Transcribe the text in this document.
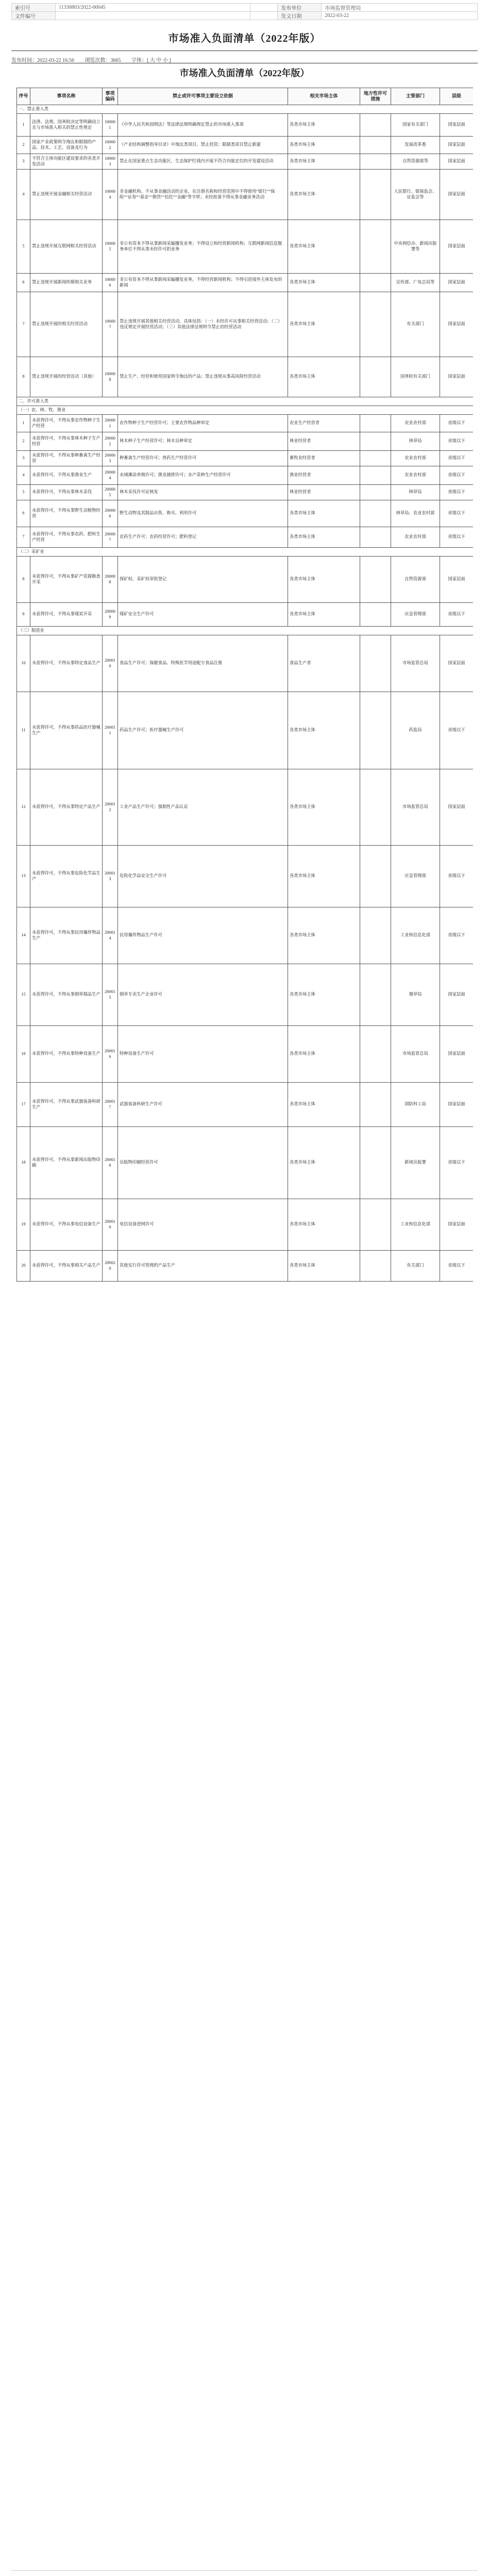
索引号	11330803/2022-00045		发布单位	市场监督管理局
文件编号			发文日期	2022-03-22
市场准入负面清单（2022年版）
发布时间：2022-03-22 16:56 浏览次数：3665 字体：[ 大 中 小 ]
市场准入负面清单（2022年版）
序号	事项名称	事项编码	禁止或许可事项主要设立依据	相关市场主体	地方性许可措施	主管部门	层级
一、禁止准入类							
1	法律、法规、国务院决定等明确设立且与市场准入相关的禁止性规定	100001	《中华人民共和国刑法》等法律法规明确规定禁止的市场准入事项	各类市场主体		国家有关部门	国家层面
2	国家产业政策明令淘汰和限制的产品、技术、工艺、设备及行为	100002	《产业结构调整指导目录》中淘汰类项目，禁止投资；限制类项目禁止新建	各类市场主体		发展改革委	国家层面
3	不符合主体功能区建设要求的各类开发活动	100003	禁止在国家重点生态功能区、生态保护红线内开展不符合功能定位的开发建设活动	各类市场主体		自然资源部等	国家层面
4	禁止违规开展金融相关经营活动	100004	非金融机构、不从事金融活动的企业，在注册名称和经营范围中不得使用“银行”“保险”“证券”“基金”“期货”“信托”“金融”等字样；未经批准不得从事金融业务活动	各类市场主体		人民银行、银保监会、证监会等	国家层面
5	禁止违规开展互联网相关经营活动	100005	非公有资本不得从事新闻采编播发业务；不得设立和经营新闻机构；互联网新闻信息服务单位不得从事未经许可的业务	各类市场主体		中央网信办、新闻出版署等	国家层面
6	禁止违规开展新闻传媒相关业务	100006	非公有资本不得从事新闻采编播发业务，不得经营新闻机构；不得引进境外主体发布的新闻	各类市场主体		宣传部、广电总局等	国家层面
7	禁止违规开展的相关经营活动	100007	禁止违规开展其他相关经营活动，具体包括：（一）未经许可从事相关经营活动；（二）违反规定开展经营活动；（三）其他法律法规明令禁止的经营活动	各类市场主体		有关部门	国家层面
8	禁止违规开展的经营活动（其他）	100008	禁止生产、经营和使用国家明令淘汰的产品；禁止违规从事高风险经营活动	各类市场主体		国务院有关部门	国家层面
二、许可准入类							
（一）农、林、牧、渔业							
1	未获得许可，不得从事农作物种子生产经营	200001	农作物种子生产经营许可；主要农作物品种审定	农业生产经营者		农业农村部	省级以下
2	未获得许可，不得从事林木种子生产经营	200002	林木种子生产经营许可；林木良种审定	林业经营者		林草局	省级以下
3	未获得许可，不得从事种畜禽生产经营	200003	种畜禽生产经营许可；兽药生产经营许可	畜牧业经营者		农业农村部	省级以下
4	未获得许可，不得从事渔业生产	200004	水域滩涂养殖许可；渔业捕捞许可；水产苗种生产经营许可	渔业经营者		农业农村部	省级以下
5	未获得许可，不得从事林木采伐	200005	林木采伐许可证核发	林业经营者		林草局	省级以下
6	未获得许可，不得从事野生动植物经营	200006	野生动物及其制品出售、购买、利用许可	各类市场主体		林草局、农业农村部	省级以下
7	未获得许可，不得从事农药、肥料生产经营	200007	农药生产许可；农药经营许可；肥料登记	各类市场主体		农业农村部	省级以下
（二）采矿业							
8	未获得许可，不得从事矿产资源勘查开采	200008	探矿权、采矿权审批登记	各类市场主体		自然资源部	国家层面
9	未获得许可，不得从事煤炭开采	200009	煤矿安全生产许可	各类市场主体		应急管理部	省级以下
（三）制造业							
10	未获得许可，不得从事特定食品生产	200010	食品生产许可；保健食品、特殊医学用途配方食品注册	食品生产者		市场监管总局	国家层面
11	未获得许可，不得从事药品医疗器械生产	200011	药品生产许可；医疗器械生产许可	各类市场主体		药监局	省级以下
12	未获得许可，不得从事特定产品生产	200012	工业产品生产许可；强制性产品认证	各类市场主体		市场监管总局	国家层面
13	未获得许可，不得从事危险化学品生产	200013	危险化学品安全生产许可	各类市场主体		应急管理部	省级以下
14	未获得许可，不得从事民用爆炸物品生产	200014	民用爆炸物品生产许可	各类市场主体		工业和信息化部	省级以下
15	未获得许可，不得从事烟草制品生产	200015	烟草专卖生产企业许可	各类市场主体		烟草局	国家层面
16	未获得许可，不得从事特种设备生产	200016	特种设备生产许可	各类市场主体		市场监管总局	国家层面
17	未获得许可，不得从事武器装备科研生产	200017	武器装备科研生产许可	各类市场主体		国防科工局	国家层面
18	未获得许可，不得从事新闻出版物印刷	200018	出版物印刷经营许可	各类市场主体		新闻出版署	省级以下
19	未获得许可，不得从事电信设备生产	200019	电信设备进网许可	各类市场主体		工业和信息化部	国家层面
20	未获得许可，不得从事相关产品生产	200020	其他实行许可管理的产品生产	各类市场主体		有关部门	省级以下
